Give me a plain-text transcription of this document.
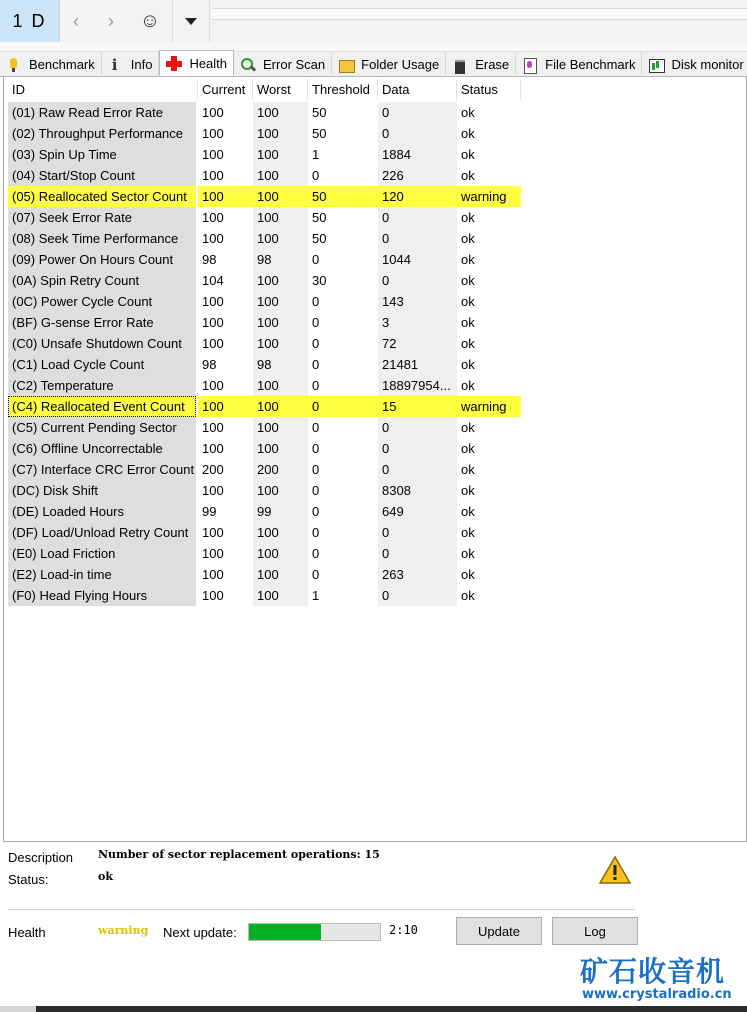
1 D	‹	›	☺
Benchmark
i	Info	Health	Error Scan	Folder Usage	Erase	File Benchmark	Disk monitor
ID	Current Worst	Threshold Data	Status
(01) Raw Read Error Rate	100	100	50	0	ok
(02) Throughput Performance	100	100	50	0	ok
(03) Spin Up Time	100	100	1	1884	ok
(04) Start/Stop Count	100	100	0	226	ok
(05) Reallocated Sector Count	100	100	50	120	warning
(07) Seek Error Rate	100	100	50	0	ok
(08) Seek Time Performance	100	100	50	0	ok
(09) Power On Hours Count	98	98	0	1044	ok
(0A) Spin Retry Count	104	100	30	0	ok
(0C) Power Cycle Count	100	100	0	143	ok
(BF) G-sense Error Rate	100	100	0	3	ok
(C0) Unsafe Shutdown Count	100	100	0	72	ok
(C1) Load Cycle Count	98	98	0	21481	ok
(C2) Temperature	100	100	0	18897954... ok
(C4) Reallocated Event Count	100	100	0	15	warning
(C5) Current Pending Sector	100	100	0	0	ok
(C6) Offline Uncorrectable	100	100	0	0	ok
(C7) Interface CRC Error Count 200	200	0	0	ok
(DC) Disk Shift	100	100	0	8308	ok
(DE) Loaded Hours	99	99	0	649	ok
(DF) Load/Unload Retry Count	100	100	0	0	ok
(E0) Load Friction	100	100	0	0	ok
(E2) Load-in time	100	100	0	263	ok
(F0) Head Flying Hours	100	100	1	0	ok
Description Number of sector replacement operations: 15
Status:	ok
Health	warning Next update:	2:10	Update	Log
矿石收音机
www.crystalradio.cn
